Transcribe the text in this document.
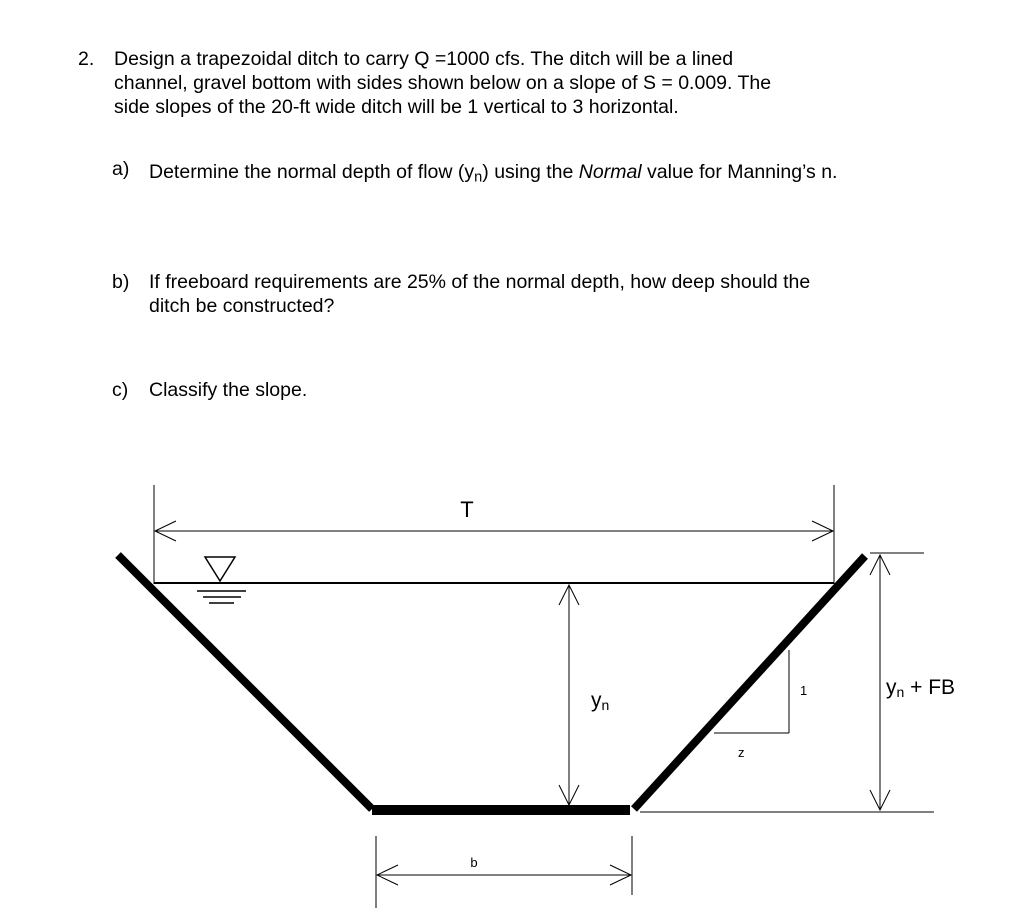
2. Design a trapezoidal ditch to carry Q =1000 cfs. The ditch will be a lined
channel, gravel bottom with sides shown below on a slope of S = 0.009. The
side slopes of the 20-ft wide ditch will be 1 vertical to 3 horizontal.
a) Determine the normal depth of flow $(y_n)$ using the Normal value for Manning’s n.
b) If freeboard requirements are 25% of the normal depth, how deep should the
ditch be constructed?
c) Classify the slope.
T
yn
1
z
yn + FB
b
